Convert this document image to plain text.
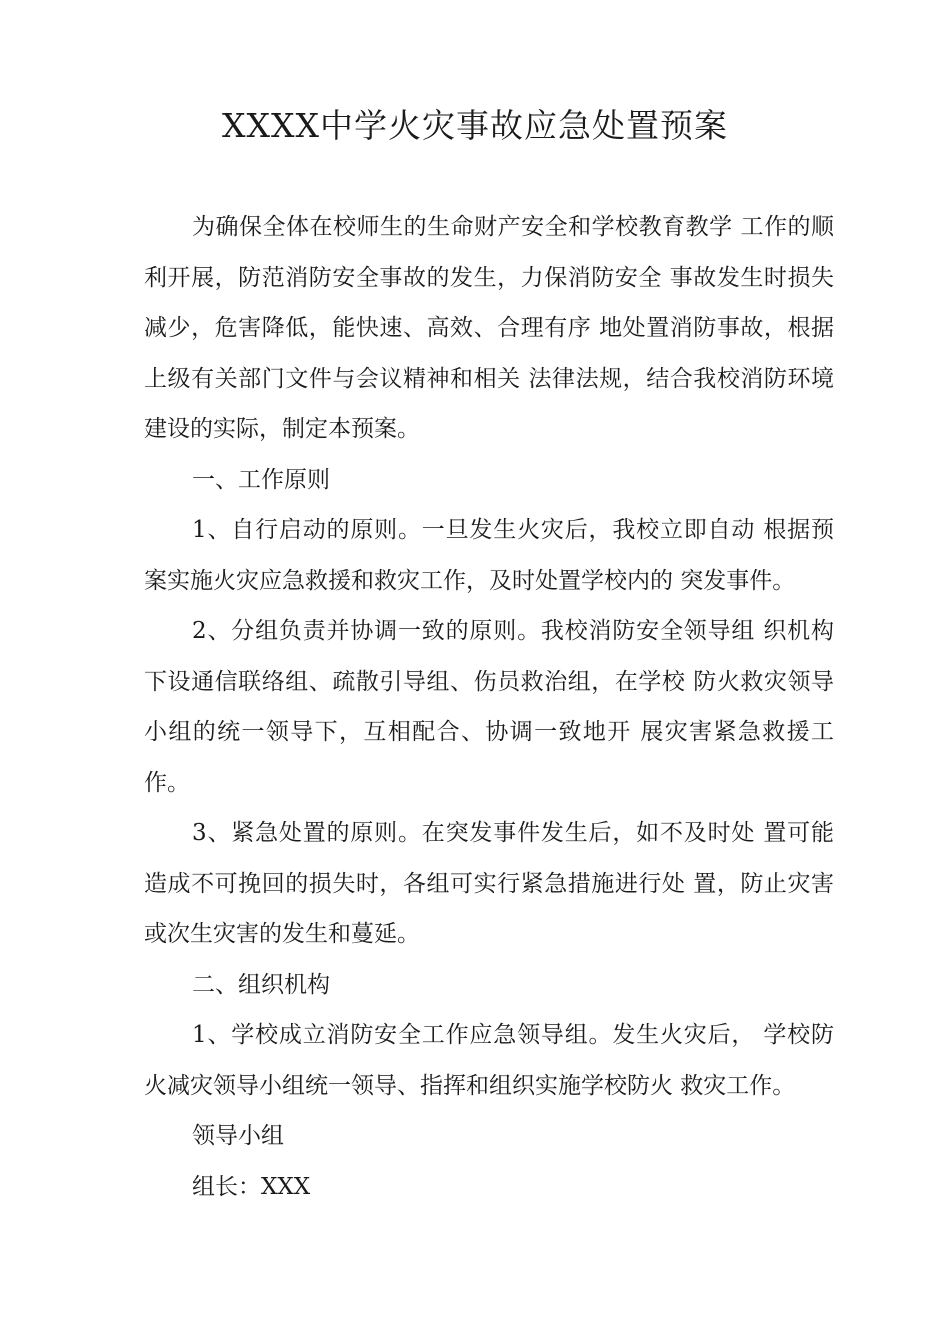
XXXX中学火灾事故应急处置预案

为确保全体在校师生的生命财产安全和学校教育教学 工作的顺利开展，防范消防安全事故的发生，力保消防安全 事故发生时损失减少，危害降低，能快速、高效、合理有序 地处置消防事故，根据上级有关部门文件与会议精神和相关 法律法规，结合我校消防环境建设的实际，制定本预案。

一、工作原则

1、自行启动的原则。一旦发生火灾后，我校立即自动 根据预案实施火灾应急救援和救灾工作，及时处置学校内的 突发事件。

2、分组负责并协调一致的原则。我校消防安全领导组 织机构下设通信联络组、疏散引导组、伤员救治组，在学校 防火救灾领导小组的统一领导下，互相配合、协调一致地开 展灾害紧急救援工作。

3、紧急处置的原则。在突发事件发生后，如不及时处 置可能造成不可挽回的损失时，各组可实行紧急措施进行处 置，防止灾害或次生灾害的发生和蔓延。

二、组织机构

1、学校成立消防安全工作应急领导组。发生火灾后， 学校防火减灾领导小组统一领导、指挥和组织实施学校防火 救灾工作。

领导小组

组长：XXX
